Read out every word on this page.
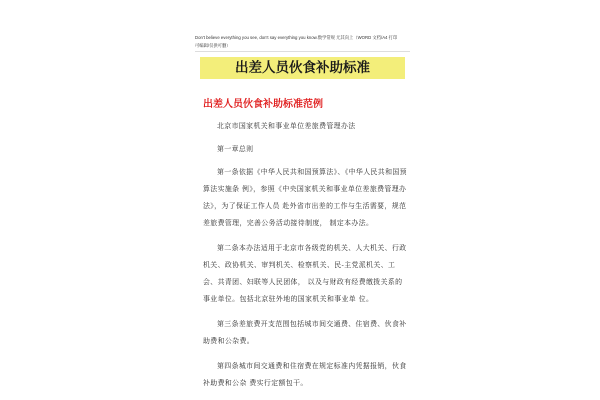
Don't believe everything you see, don't say everything you know.数学常规 尤其向上（WORD 文档/A4 打印
可编辑/仅供可删）
出差人员伙食补助标准
出差人员伙食补助标准范例

北京市国家机关和事业单位差旅费管理办法

第一章总则

第一条依据《中华人民共和国预算法》、《中华人民共和国预算法实施条 例》，参照《中央国家机关和事业单位差旅费管理办法》，为了保证工作人员 赴外省市出差的工作与生活需要，规范差旅费管理，完善公务活动接待制度， 制定本办法。

第二条本办法适用于北京市各级党的机关、人大机关、行政机关、政协机关、审判机关、检察机关、民-主党派机关、工会、共青团、妇联等人民团体， 以及与财政有经费缴拨关系的事业单位。包括北京驻外地的国家机关和事业单 位。

第三条差旅费开支范围包括城市间交通费、住宿费、伙食补助费和公杂费。

第四条城市间交通费和住宿费在规定标准内凭据报销，伙食补助费和公杂 费实行定额包干。
